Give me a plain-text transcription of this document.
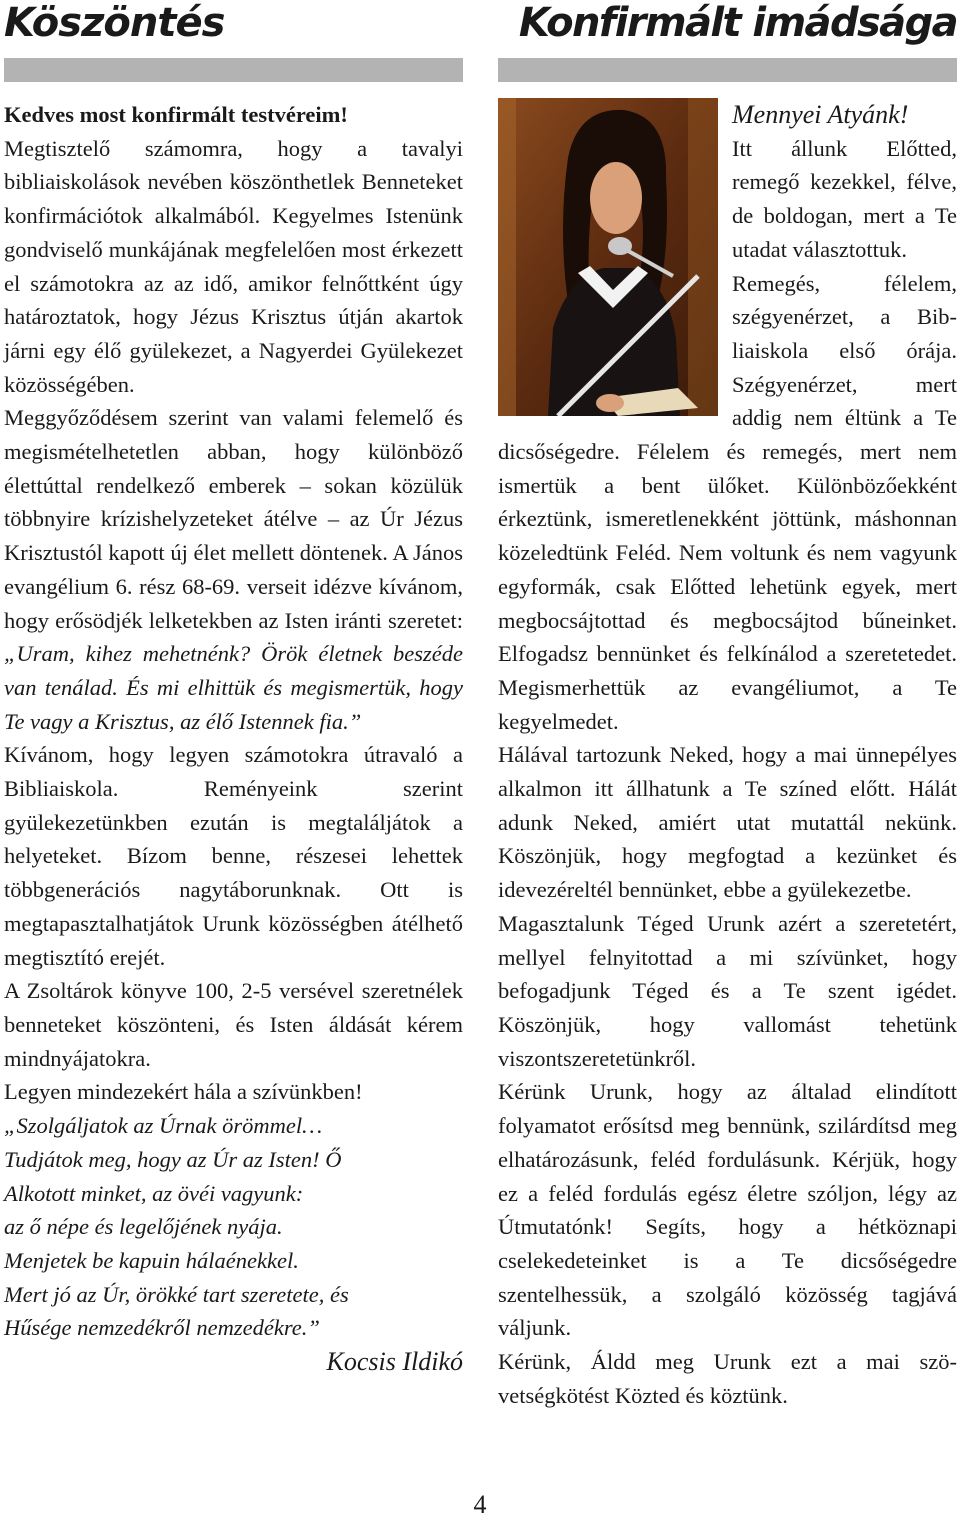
Köszöntés

Kedves most konfirmált testvéreim!

Megtisztelő számomra, hogy a tavalyi bibliaiskolások nevében köszönthetlek Benneteket konfirmációtok alkalmából. Kegyelmes Istenünk gondviselő munkájának megfelelően most érkezett el számotokra az az idő, amikor felnőttként úgy határoztatok, hogy Jézus Krisztus útján akartok járni egy élő gyülekezet, a Nagyerdei Gyülekezet közösségében.

Meggyőződésem szerint van valami felemelő és megismételhetetlen abban, hogy különböző élettúttal rendelkező emberek – sokan közülük többnyire krízishelyzeteket átélve – az Úr Jézus Krisztustól kapott új élet mellett döntenek. A János evangélium 6. rész 68-69. verseit idézve kívánom, hogy erősödjék lelketekben az Isten iránti szeretet: „Uram, kihez mehetnénk? Örök életnek beszéde van tenálad. És mi elhittük és megismertük, hogy Te vagy a Krisztus, az élő Istennek fia.”

Kívánom, hogy legyen számotokra útravaló a Bibliaiskola. Reményeink szerint gyülekezetünkben ezután is megtaláljátok a helyeteket. Bízom benne, részesei lehettek többgenerációs nagytáborunknak. Ott is megtapasztalhatjátok Urunk közösségben átélhető megtisztító erejét.

A Zsoltárok könyve 100, 2-5 versével szeretnélek benneteket köszönteni, és Isten áldását kérem mindnyájatokra.

Legyen mindezekért hála a szívünkben!

„Szolgáljatok az Úrnak örömmel…

Tudjátok meg, hogy az Úr az Isten! Ő

Alkotott minket, az övéi vagyunk:

az ő népe és legelőjének nyája.

Menjetek be kapuin hálaénekkel.

Mert jó az Úr, örökké tart szeretete, és

Hűsége nemzedékről nemzedékre.”

Kocsis Ildikó

Konfirmált imádsága

Mennyei Atyánk!

Itt állunk Előtted, remegő kezekkel, félve, de boldogan, mert a Te utadat választottuk.

Remegés, félelem, szégyenérzet, a Bibliaiskola első órája. Szégyenérzet, mert addig nem éltünk a Te dicsőségedre. Félelem és remegés, mert nem ismertük a bent ülőket. Különbözőekként érkeztünk, ismeretlenekként jöttünk, máshonnan közeledtünk Feléd. Nem voltunk és nem vagyunk egyformák, csak Előtted lehetünk egyek, mert megbocsájtottad és megbocsájtod bűneinket. Elfogadsz bennünket és felkínálod a szeretetedet. Megismerhettük az evangéliumot, a Te kegyelmedet.

Hálával tartozunk Neked, hogy a mai ünnepélyes alkalmon itt állhatunk a Te színed előtt. Hálát adunk Neked, amiért utat mutattál nekünk. Köszönjük, hogy megfogtad a kezünket és idevezéreltél bennünket, ebbe a gyülekezetbe.

Magasztalunk Téged Urunk azért a szeretetért, mellyel felnyitottad a mi szívünket, hogy befogadjunk Téged és a Te szent igédet. Köszönjük, hogy vallomást tehetünk viszontszeretetünkről.

Kérünk Urunk, hogy az általad elindított folyamatot erősítsd meg bennünk, szilárdítsd meg elhatározásunk, feléd fordulásunk. Kérjük, hogy ez a feléd fordulás egész életre szóljon, légy az Útmutatónk! Segíts, hogy a hétköznapi cselekedeteinket is a Te dicsőségedre szentelhessük, a szolgáló közösség tagjává váljunk.

Kérünk, Áldd meg Urunk ezt a mai szövetségkötést Közted és köztünk.

4
